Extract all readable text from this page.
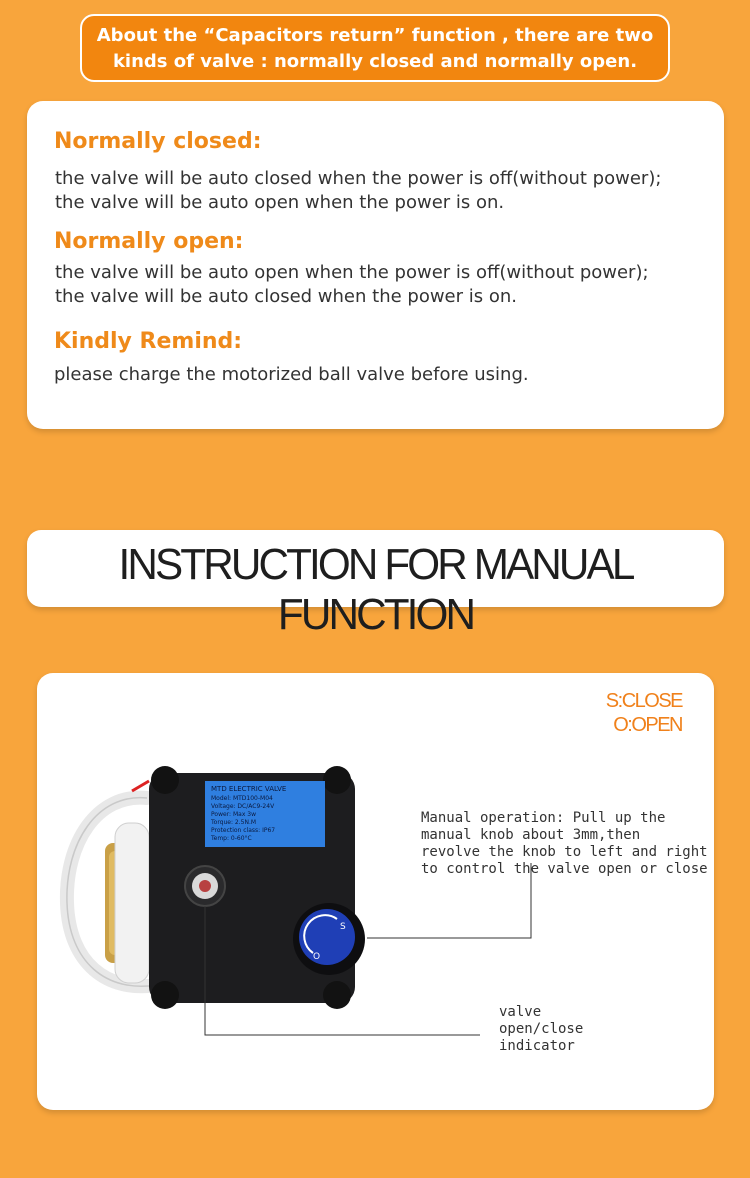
About the “Capacitors return” function , there are two
kinds of valve : normally closed and normally open.
Normally closed:
the valve will be auto closed when the power is off(without power);
the valve will be auto open when the power is on.
Normally open:
the valve will be auto open when the power is off(without power);
the valve will be auto closed when the power is on.
Kindly Remind:
please charge the motorized ball valve before using.
INSTRUCTION FOR MANUAL FUNCTION
S:CLOSE
O:OPEN
MTD ELECTRIC VALVE
Model: MTD100-M04
Voltage: DC/AC9-24V
Power: Max 3w
Torque: 2.5N.M
Protection class: IP67
Temp: 0-60°C
S
O
Manual operation: Pull up the
manual knob about 3mm,then
revolve the knob to left and right
to control the valve open or close
valve
open/close
indicator
